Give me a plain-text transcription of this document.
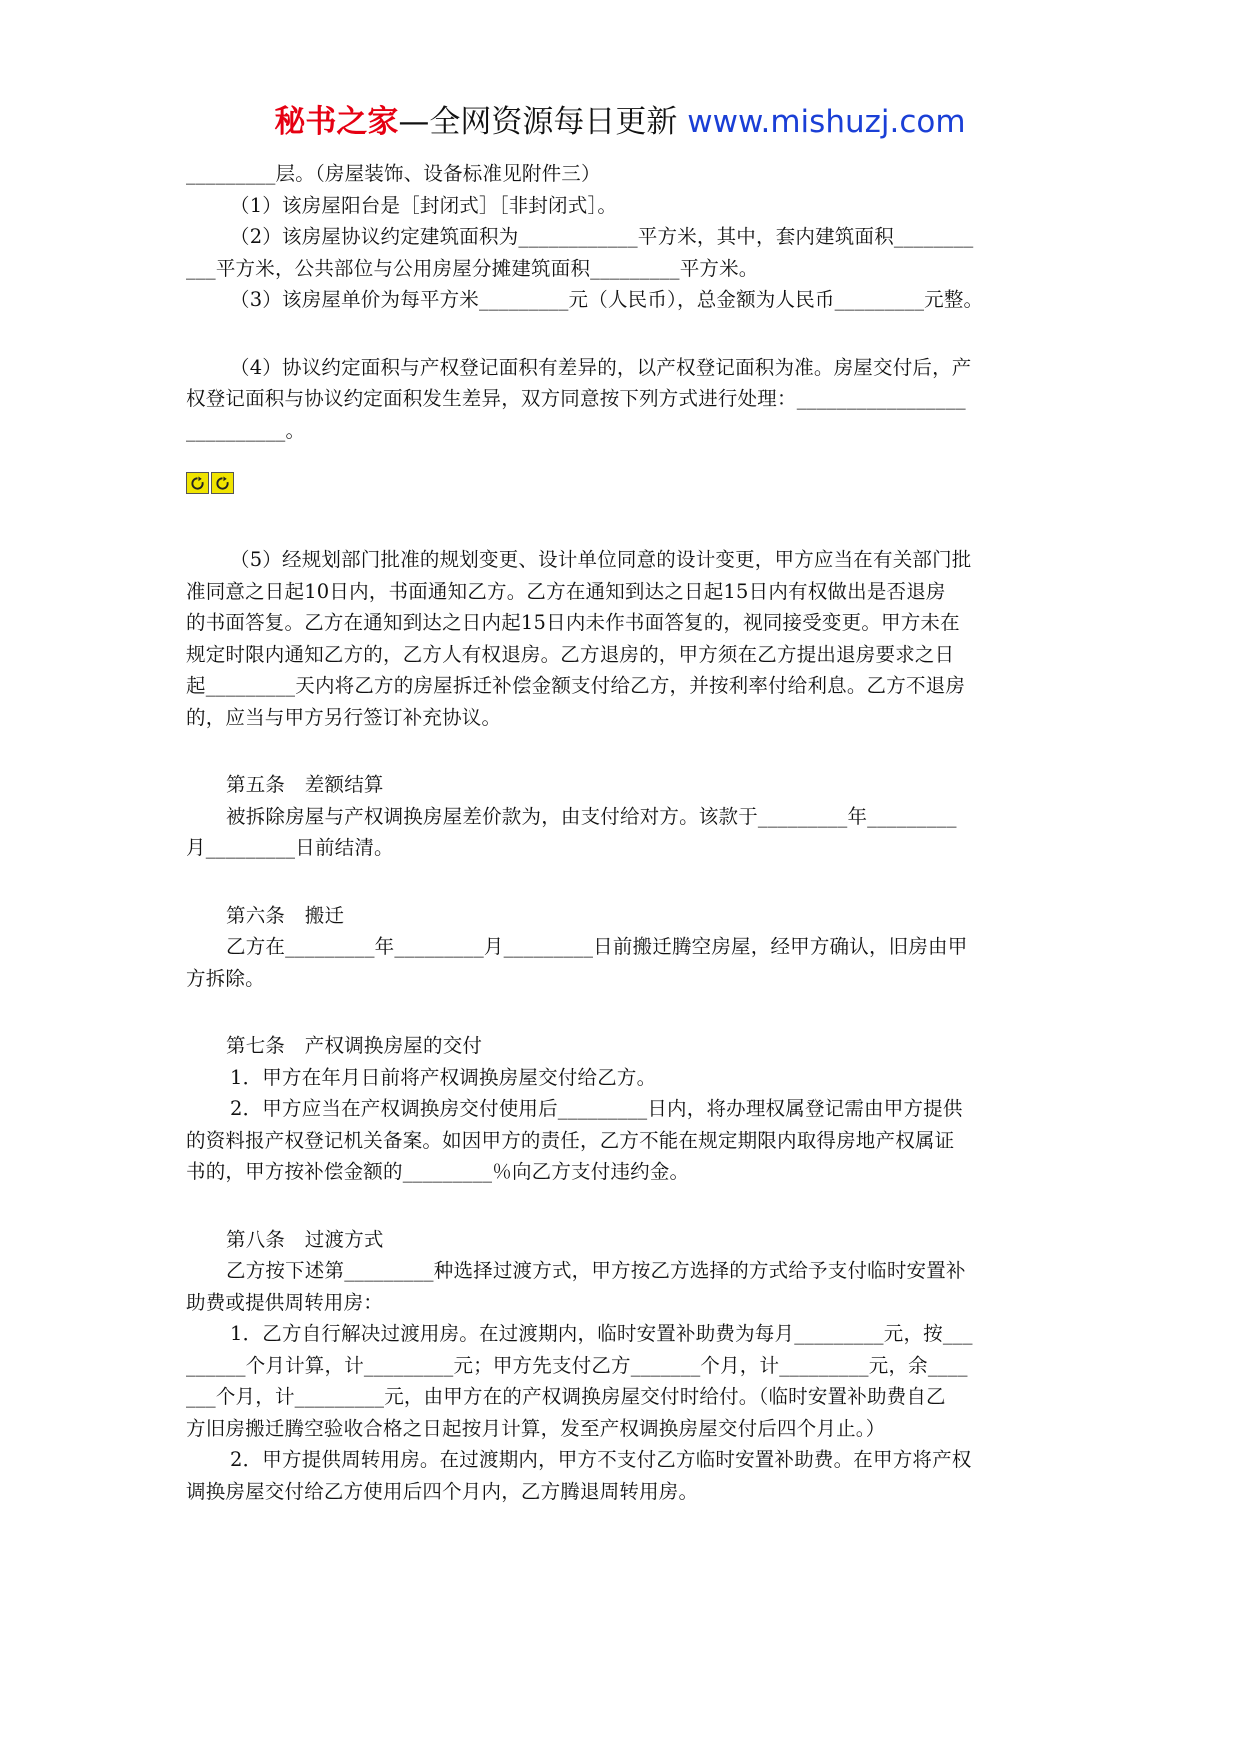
秘书之家—全网资源每日更新 www.mishuzj.com

_________层。（房屋装饰、设备标准见附件三）

（1）该房屋阳台是［封闭式］［非封闭式］。

（2）该房屋协议约定建筑面积为____________平方米，其中，套内建筑面积________

___平方米，公共部位与公用房屋分摊建筑面积_________平方米。

（3）该房屋单价为每平方米_________元（人民币），总金额为人民币_________元整。

（4）协议约定面积与产权登记面积有差异的，以产权登记面积为准。房屋交付后，产

权登记面积与协议约定面积发生差异，双方同意按下列方式进行处理：_________________

__________。

（5）经规划部门批准的规划变更、设计单位同意的设计变更，甲方应当在有关部门批

准同意之日起10日内，书面通知乙方。乙方在通知到达之日起15日内有权做出是否退房

的书面答复。乙方在通知到达之日内起15日内未作书面答复的，视同接受变更。甲方未在

规定时限内通知乙方的，乙方人有权退房。乙方退房的，甲方须在乙方提出退房要求之日

起_________天内将乙方的房屋拆迁补偿金额支付给乙方，并按利率付给利息。乙方不退房

的，应当与甲方另行签订补充协议。

第五条　差额结算

被拆除房屋与产权调换房屋差价款为，由支付给对方。该款于_________年_________

月_________日前结清。

第六条　搬迁

乙方在_________年_________月_________日前搬迁腾空房屋，经甲方确认，旧房由甲

方拆除。

第七条　产权调换房屋的交付

1．甲方在年月日前将产权调换房屋交付给乙方。

2．甲方应当在产权调换房交付使用后_________日内，将办理权属登记需由甲方提供

的资料报产权登记机关备案。如因甲方的责任，乙方不能在规定期限内取得房地产权属证

书的，甲方按补偿金额的_________％向乙方支付违约金。

第八条　过渡方式

乙方按下述第_________种选择过渡方式，甲方按乙方选择的方式给予支付临时安置补

助费或提供周转用房：

1．乙方自行解决过渡用房。在过渡期内，临时安置补助费为每月_________元，按___

______个月计算，计_________元；甲方先支付乙方_______个月，计_________元，余____

___个月，计_________元，由甲方在的产权调换房屋交付时给付。（临时安置补助费自乙

方旧房搬迁腾空验收合格之日起按月计算，发至产权调换房屋交付后四个月止。）

2．甲方提供周转用房。在过渡期内，甲方不支付乙方临时安置补助费。在甲方将产权

调换房屋交付给乙方使用后四个月内，乙方腾退周转用房。
